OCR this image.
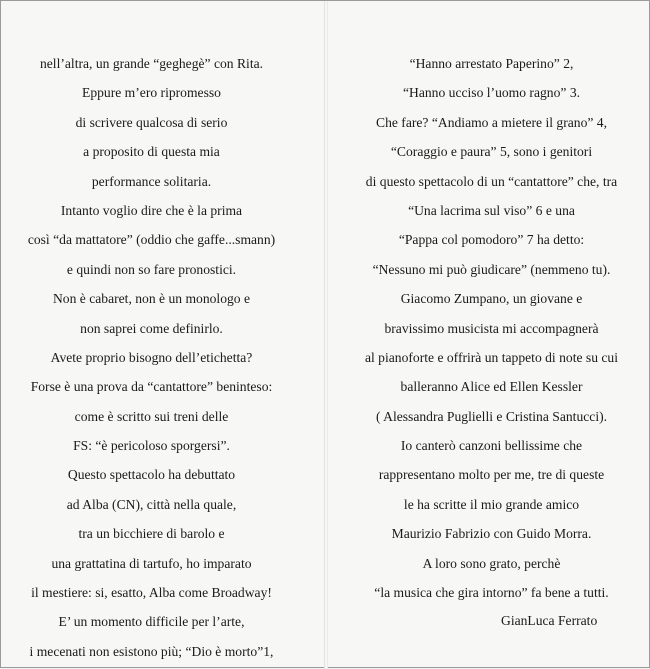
nell’altra, un grande “geghegè” con Rita.
Eppure m’ero ripromesso
di scrivere qualcosa di serio
a proposito di questa mia
performance solitaria.
Intanto voglio dire che è la prima
così “da mattatore” (oddio che gaffe...smann)
e quindi non so fare pronostici.
Non è cabaret, non è un monologo e
non saprei come definirlo.
Avete proprio bisogno dell’etichetta?
Forse è una prova da “cantattore” beninteso:
come è scritto sui treni delle
FS: “è pericoloso sporgersi”.
Questo spettacolo ha debuttato
ad Alba (CN), città nella quale,
tra un bicchiere di barolo e
una grattatina di tartufo, ho imparato
il mestiere: si, esatto, Alba come Broadway!
E’ un momento difficile per l’arte,
i mecenati non esistono più; “Dio è morto”1,
“Hanno arrestato Paperino” 2,
“Hanno ucciso l’uomo ragno” 3.
Che fare? “Andiamo a mietere il grano” 4,
“Coraggio e paura” 5, sono i genitori
di questo spettacolo di un “cantattore” che, tra
“Una lacrima sul viso” 6 e una
“Pappa col pomodoro” 7 ha detto:
“Nessuno mi può giudicare” (nemmeno tu).
Giacomo Zumpano, un giovane e
bravissimo musicista mi accompagnerà
al pianoforte e offrirà un tappeto di note su cui
balleranno Alice ed Ellen Kessler
( Alessandra Puglielli e Cristina Santucci).
Io canterò canzoni bellissime che
rappresentano molto per me, tre di queste
le ha scritte il mio grande amico
Maurizio Fabrizio con Guido Morra.
A loro sono grato, perchè
“la musica che gira intorno” fa bene a tutti.
GianLuca Ferrato
